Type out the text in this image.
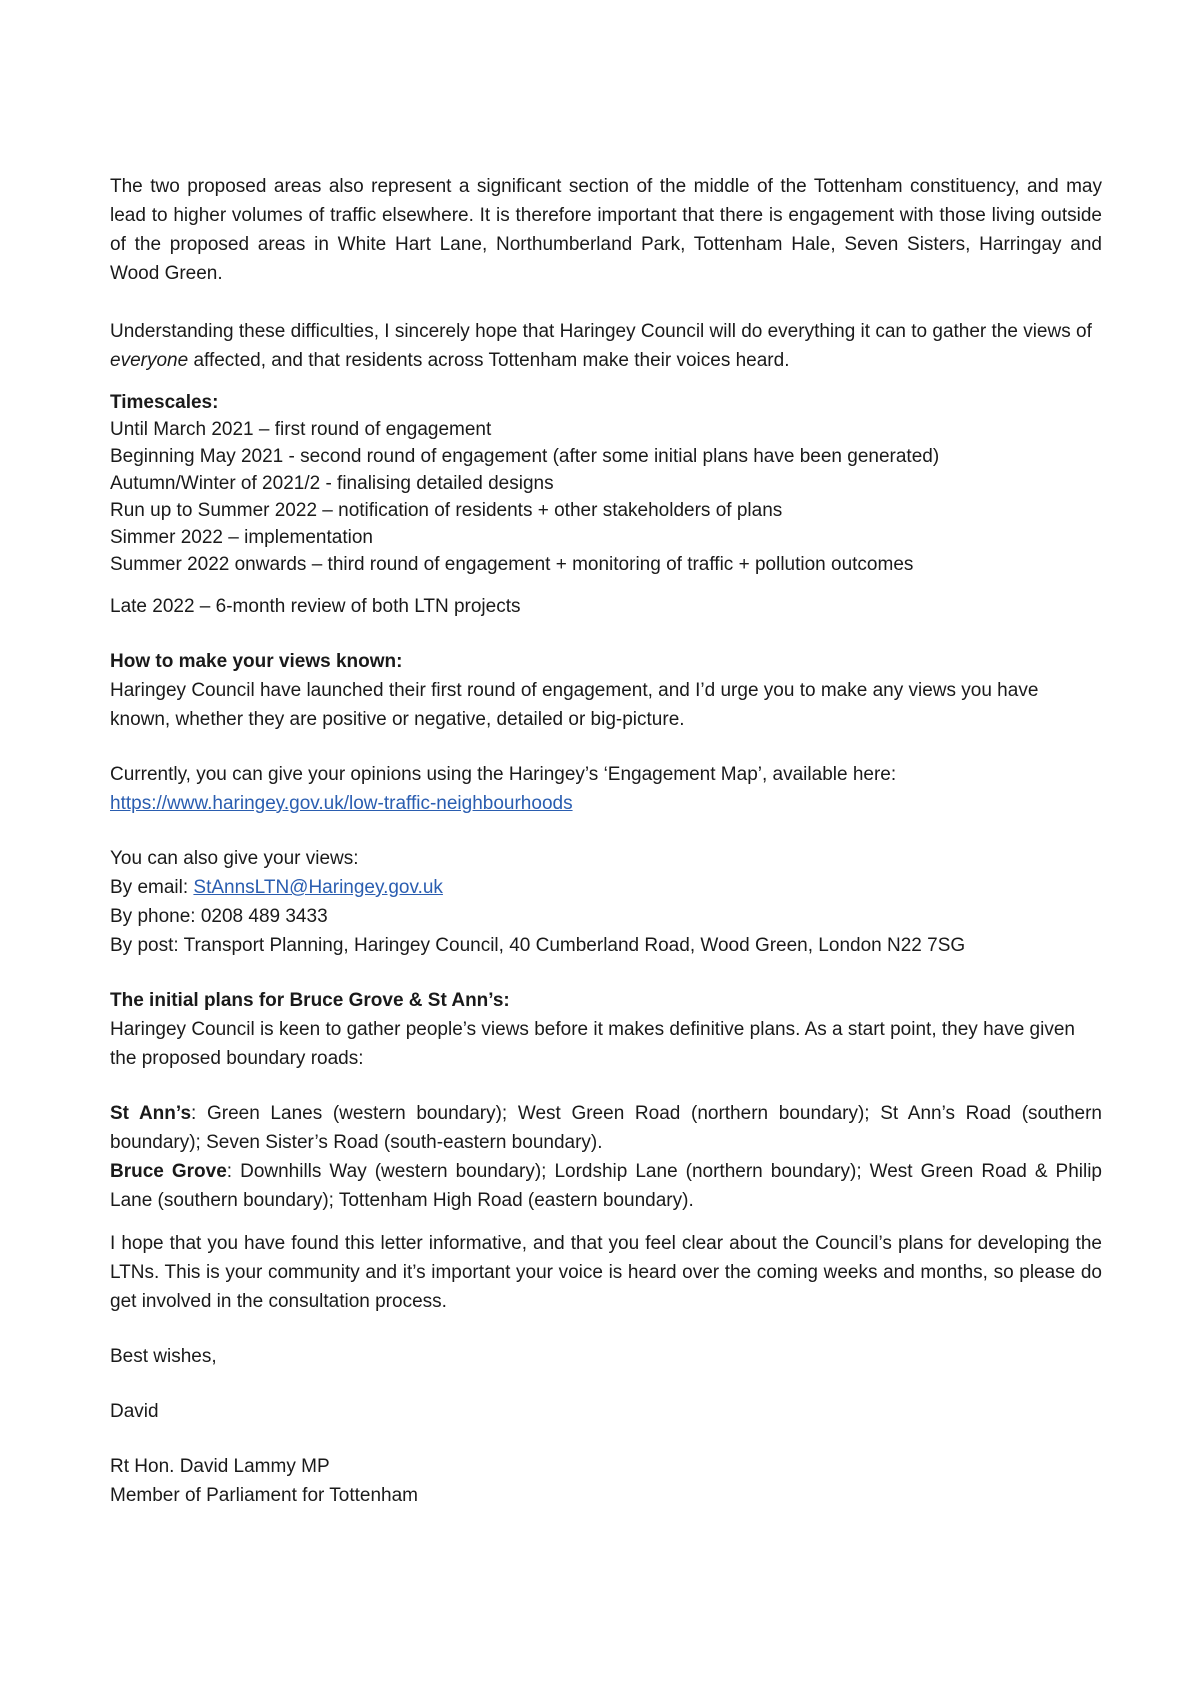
The two proposed areas also represent a significant section of the middle of the Tottenham constituency, and may lead to higher volumes of traffic elsewhere. It is therefore important that there is engagement with those living outside of the proposed areas in White Hart Lane, Northumberland Park, Tottenham Hale, Seven Sisters, Harringay and Wood Green.

Understanding these difficulties, I sincerely hope that Haringey Council will do everything it can to gather the views of everyone affected, and that residents across Tottenham make their voices heard.

Timescales:
Until March 2021 – first round of engagement
Beginning May 2021 - second round of engagement (after some initial plans have been generated)
Autumn/Winter of 2021/2 - finalising detailed designs
Run up to Summer 2022 – notification of residents + other stakeholders of plans
Simmer 2022 – implementation
Summer 2022 onwards – third round of engagement + monitoring of traffic + pollution outcomes

Late 2022 – 6-month review of both LTN projects

How to make your views known:

Haringey Council have launched their first round of engagement, and I’d urge you to make any views you have known, whether they are positive or negative, detailed or big-picture.

Currently, you can give your opinions using the Haringey’s ‘Engagement Map’, available here:
https://www.haringey.gov.uk/low-traffic-neighbourhoods
You can also give your views:
By email: StAnnsLTN@Haringey.gov.uk
By phone: 0208 489 3433
By post: Transport Planning, Haringey Council, 40 Cumberland Road, Wood Green, London N22 7SG
The initial plans for Bruce Grove & St Ann’s:

Haringey Council is keen to gather people’s views before it makes definitive plans. As a start point, they have given the proposed boundary roads:

St Ann’s: Green Lanes (western boundary); West Green Road (northern boundary); St Ann’s Road (southern boundary); Seven Sister’s Road (south-eastern boundary).

Bruce Grove: Downhills Way (western boundary); Lordship Lane (northern boundary); West Green Road & Philip Lane (southern boundary); Tottenham High Road (eastern boundary).

I hope that you have found this letter informative, and that you feel clear about the Council’s plans for developing the LTNs. This is your community and it’s important your voice is heard over the coming weeks and months, so please do get involved in the consultation process.

Best wishes,

David

Rt Hon. David Lammy MP
Member of Parliament for Tottenham
